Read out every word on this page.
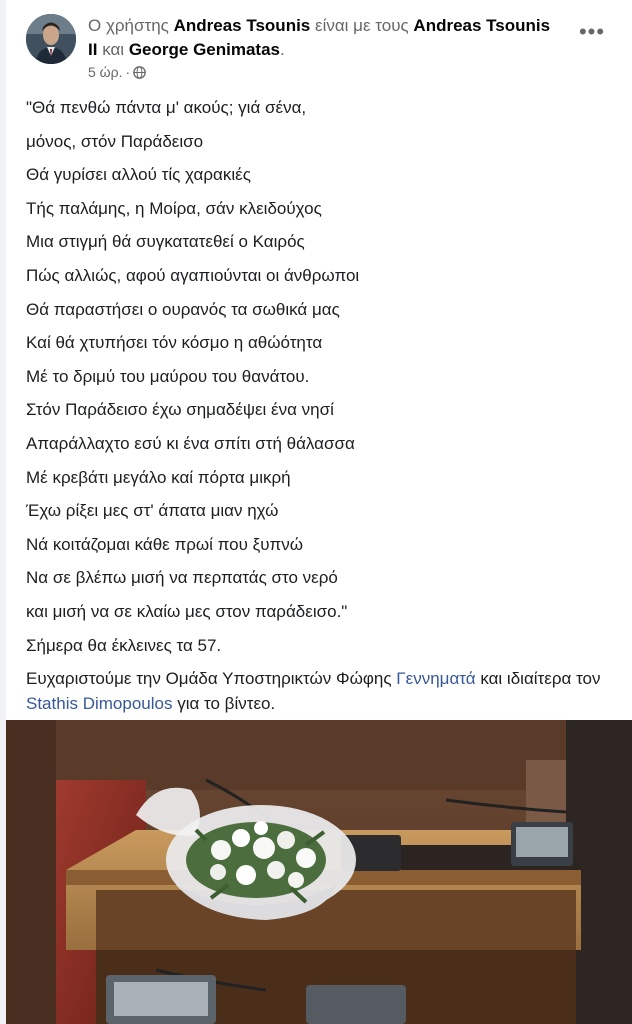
Ο χρήστης Andreas Tsounis είναι με τους Andreas Tsounis II και George Genimatas.
5 ώρ. ·
•••
"Θά πενθώ πάντα μ' ακούς; γιά σένα,
μόνος, στόν Παράδεισο
Θά γυρίσει αλλού τίς χαρακιές
Τής παλάμης, η Μοίρα, σάν κλειδούχος
Μια στιγμή θά συγκατατεθεί ο Καιρός
Πώς αλλιώς, αφού αγαπιούνται οι άνθρωποι
Θά παραστήσει ο ουρανός τα σωθικά μας
Καί θά χτυπήσει τόν κόσμο η αθώότητα
Μέ το δριμύ του μαύρου του θανάτου.
Στόν Παράδεισο έχω σημαδέψει ένα νησί
Απαράλλαχτο εσύ κι ένα σπίτι στή θάλασσα
Μέ κρεβάτι μεγάλο καί πόρτα μικρή
Έχω ρίξει μες στ' άπατα μιαν ηχώ
Νά κοιτάζομαι κάθε πρωί που ξυπνώ
Να σε βλέπω μισή να περπατάς στο νερό
και μισή να σε κλαίω μες στον παράδεισο."
Σήμερα θα έκλεινες τα 57.
Ευχαριστούμε την Ομάδα Υποστηρικτών Φώφης Γεννηματά και ιδιαίτερα τον Stathis Dimopoulos για το βίντεο.
